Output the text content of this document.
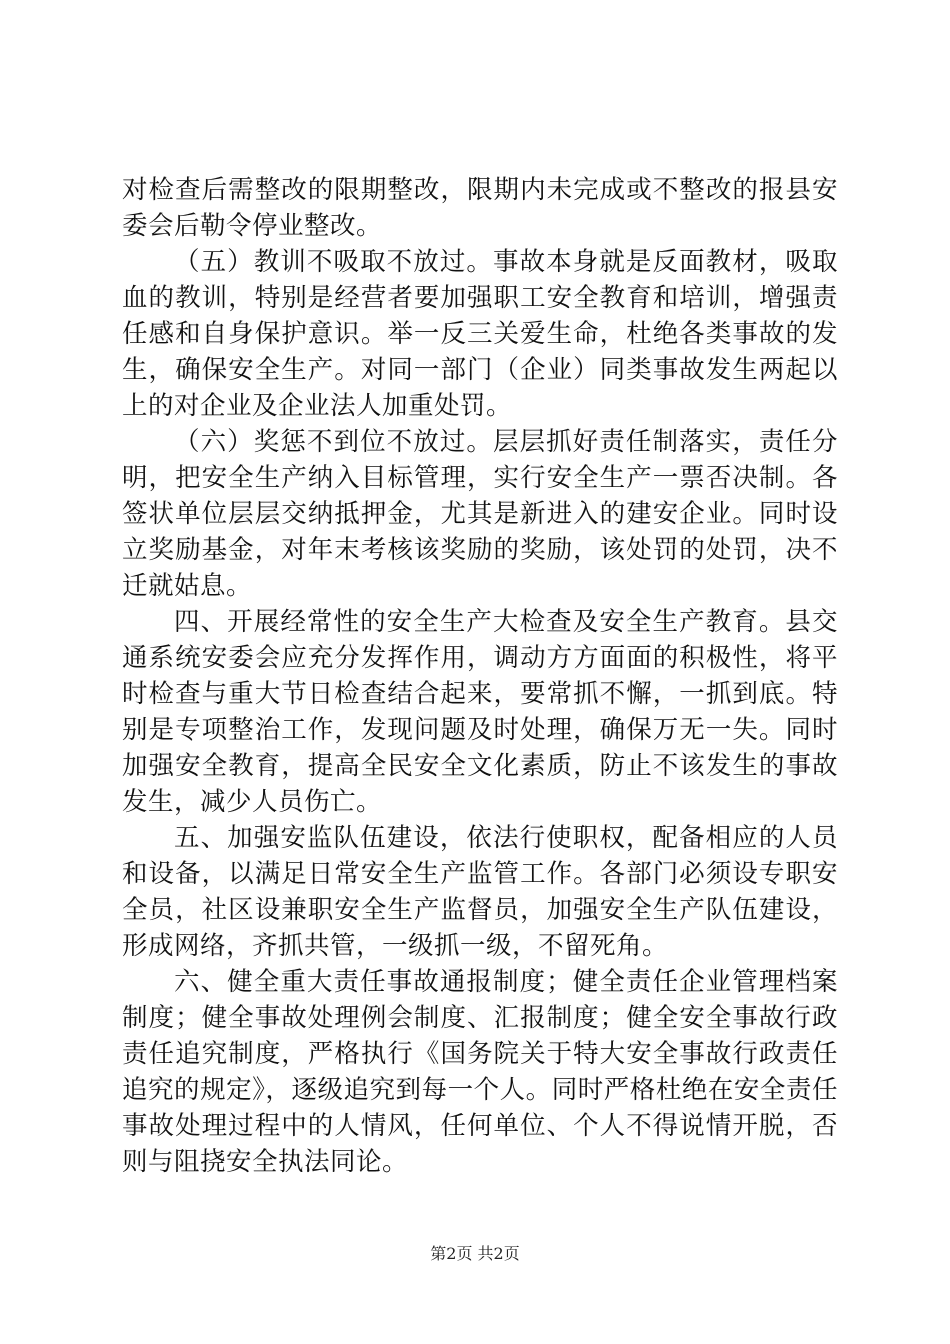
对检查后需整改的限期整改，限期内未完成或不整改的报县安委会后勒令停业整改。

（五）教训不吸取不放过。事故本身就是反面教材，吸取血的教训，特别是经营者要加强职工安全教育和培训，增强责任感和自身保护意识。举一反三关爱生命，杜绝各类事故的发生，确保安全生产。对同一部门（企业）同类事故发生两起以上的对企业及企业法人加重处罚。

（六）奖惩不到位不放过。层层抓好责任制落实，责任分明，把安全生产纳入目标管理，实行安全生产一票否决制。各签状单位层层交纳抵押金，尤其是新进入的建安企业。同时设立奖励基金，对年末考核该奖励的奖励，该处罚的处罚，决不迁就姑息。

四、开展经常性的安全生产大检查及安全生产教育。县交通系统安委会应充分发挥作用，调动方方面面的积极性，将平时检查与重大节日检查结合起来，要常抓不懈，一抓到底。特别是专项整治工作，发现问题及时处理，确保万无一失。同时加强安全教育，提高全民安全文化素质，防止不该发生的事故发生，减少人员伤亡。

五、加强安监队伍建设，依法行使职权，配备相应的人员和设备，以满足日常安全生产监管工作。各部门必须设专职安全员，社区设兼职安全生产监督员，加强安全生产队伍建设，形成网络，齐抓共管，一级抓一级，不留死角。

六、健全重大责任事故通报制度；健全责任企业管理档案制度；健全事故处理例会制度、汇报制度；健全安全事故行政责任追究制度，严格执行《国务院关于特大安全事故行政责任追究的规定》，逐级追究到每一个人。同时严格杜绝在安全责任事故处理过程中的人情风，任何单位、个人不得说情开脱，否则与阻挠安全执法同论。

第2页 共2页
